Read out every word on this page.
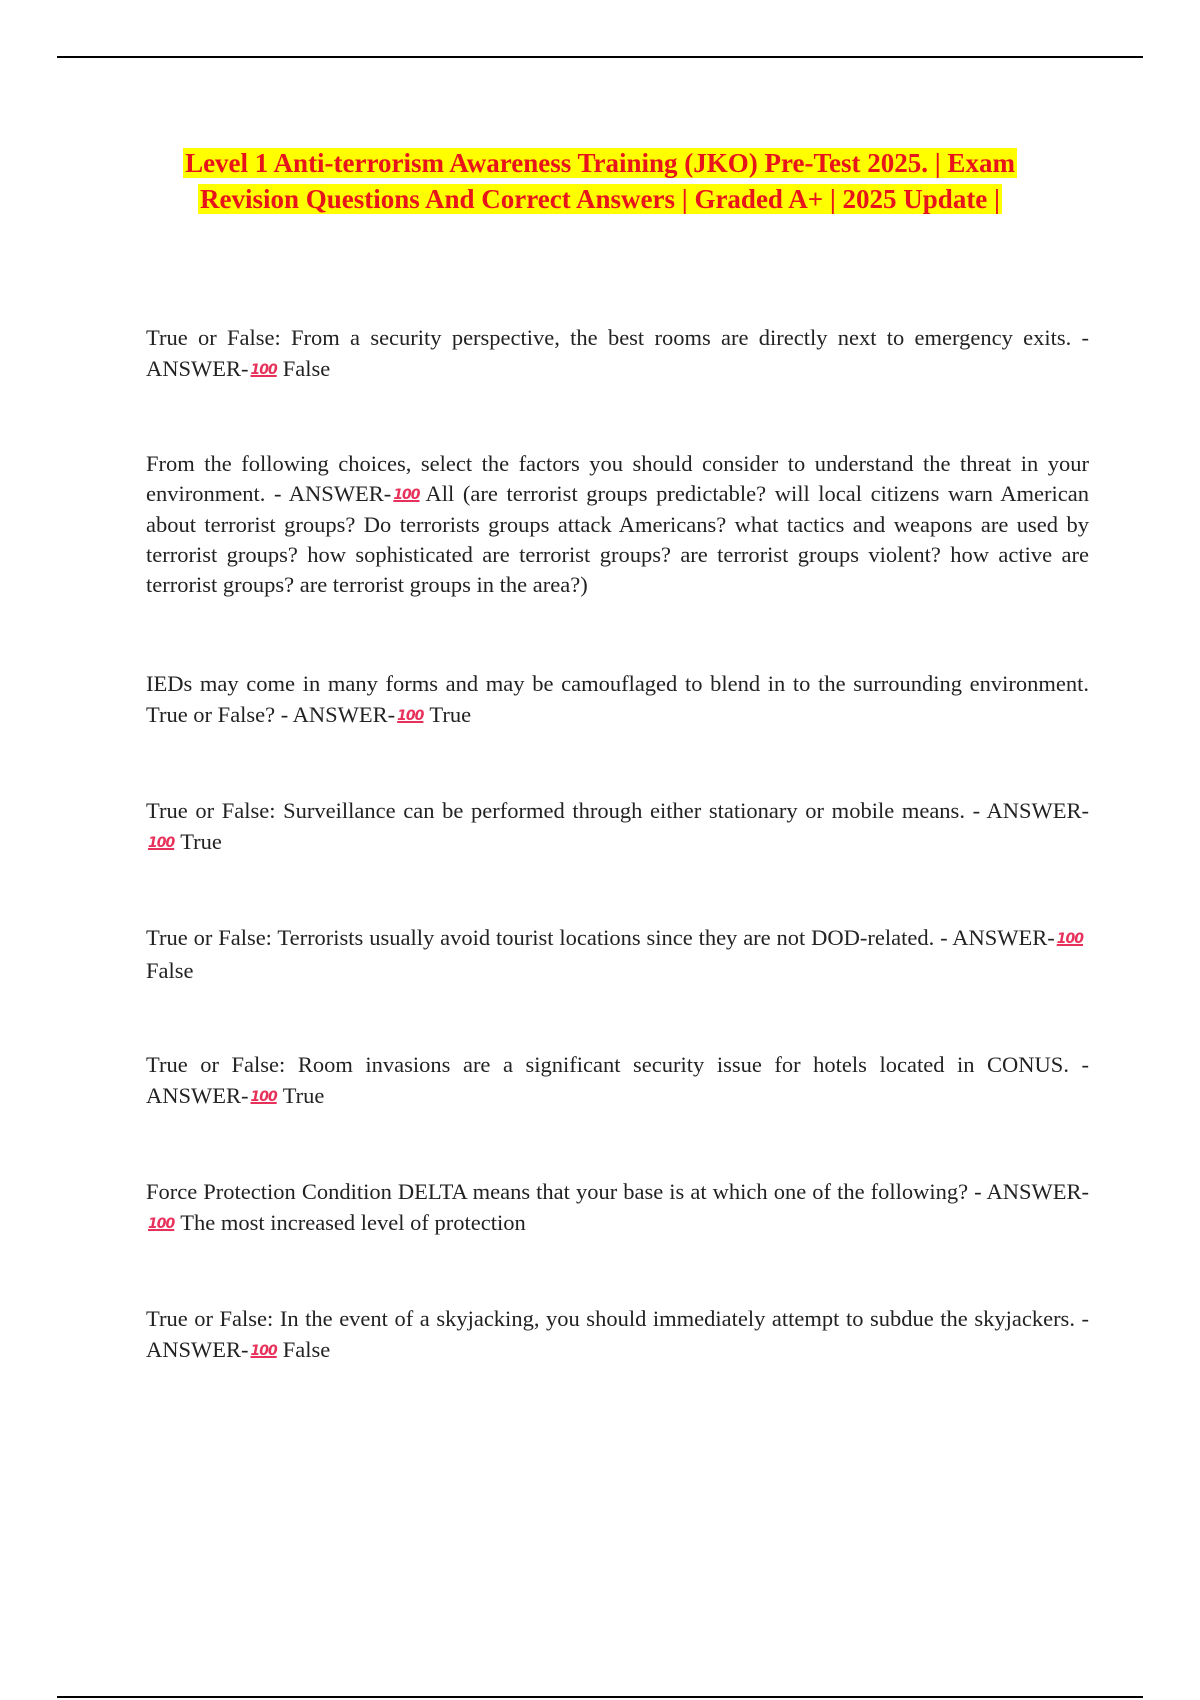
Level 1 Anti-terrorism Awareness Training (JKO) Pre-Test 2025. | Exam
Revision Questions And Correct Answers | Graded A+ | 2025 Update |
True or False: From a security perspective, the best rooms are directly next to emergency exits. - ANSWER- 100 False
From the following choices, select the factors you should consider to understand the threat in your environment. - ANSWER- 100 All (are terrorist groups predictable? will local citizens warn American about terrorist groups? Do terrorists groups attack Americans? what tactics and weapons are used by terrorist groups? how sophisticated are terrorist groups? are terrorist groups violent? how active are terrorist groups? are terrorist groups in the area?)
IEDs may come in many forms and may be camouflaged to blend in to the surrounding environment. True or False? - ANSWER- 100 True
True or False: Surveillance can be performed through either stationary or mobile means. - ANSWER-100 True
True or False: Terrorists usually avoid tourist locations since they are not DOD-related. - ANSWER- 100False
True or False: Room invasions are a significant security issue for hotels located in CONUS. - ANSWER- 100 True
Force Protection Condition DELTA means that your base is at which one of the following? - ANSWER-100 The most increased level of protection
True or False: In the event of a skyjacking, you should immediately attempt to subdue the skyjackers. - ANSWER- 100 False
